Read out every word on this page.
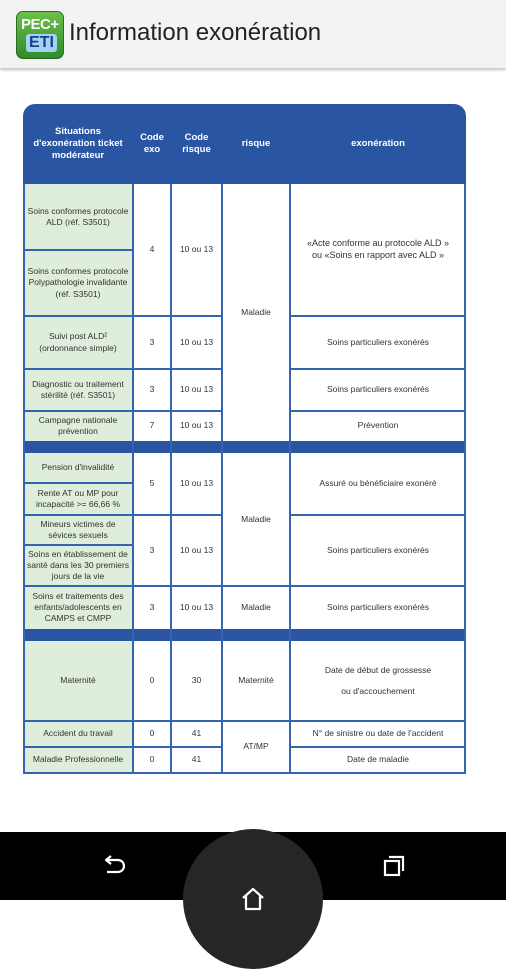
PEC+
ETI Information exonération
Situations d'exonération ticket modérateur
Code exo
Code risque
risque	exonération
Soins conformes protocole ALD (réf. S3501)
Soins conformes protocole Polypathologie invalidante (réf. S3501)
Suivi post ALD² (ordonnance simple)
Diagnostic ou traitement stérilité (réf. S3501)
Campagne nationale prévention
Pension d'invalidité
Rente AT ou MP pour incapacité >= 66,66 %
Mineurs victimes de sévices sexuels
Soins en établissement de santé dans les 30 premiers jours de la vie
Soins et traitements des enfants/adolescents en CAMPS et CMPP
Maternité
Accident du travail
Maladie Professionnelle
4
3
3
7
5
3
3
0
0
0
10 ou 13
10 ou 13
10 ou 13
10 ou 13
10 ou 13
10 ou 13
10 ou 13
30
41
41
Maladie
Maladie
Maladie
Maternité
AT/MP
«Acte conforme au protocole ALD » ou «Soins en rapport avec ALD »
Soins particuliers exonérés
Soins particuliers exonérés
Prévention
Assuré ou bénéficiaire exonéré
Soins particuliers exonérés
Soins particuliers exonérés
Date de début de grossesse
ou d'accouchement
N° de sinistre ou date de l'accident
Date de maladie
